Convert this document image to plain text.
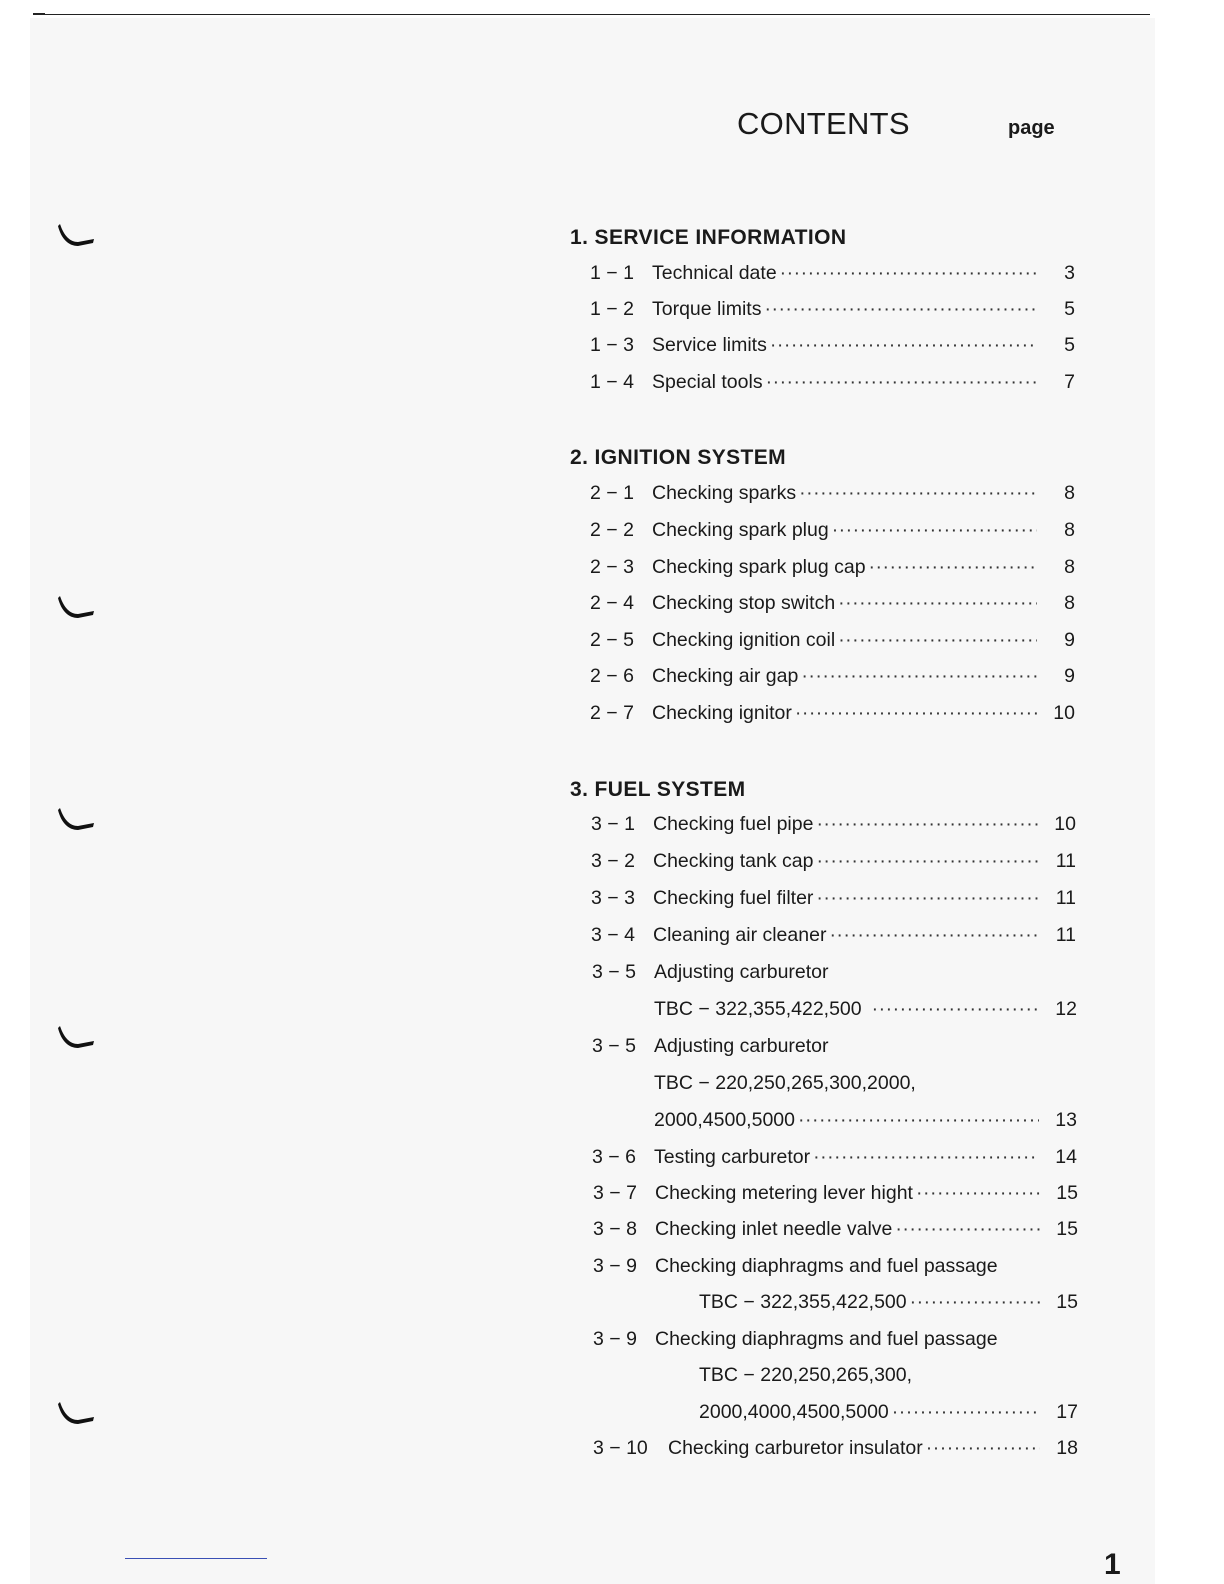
CONTENTS	page
1. SERVICE INFORMATION
1 − 1 Technical date ·····	3
1 − 2 Torque limits ·····	5
1 − 3 Service limits ·····	5
1 − 4 Special tools ·····	7
2. IGNITION SYSTEM
2 − 1 Checking sparks ·····	8
2 − 2 Checking spark plug ·····	8
2 − 3 Checking spark plug cap ·····	8
2 − 4 Checking stop switch ·····	8
2 − 5 Checking ignition coil ·····	9
2 − 6 Checking air gap ·····	9
2 − 7 Checking ignitor ·····	10
3. FUEL SYSTEM
3 − 1 Checking fuel pipe ·····	10
3 − 2 Checking tank cap ·····	11
3 − 3 Checking fuel filter ·····	11
3 − 4 Cleaning air cleaner ·····	11
3 − 5 Adjusting carburetor
TBC − 322,355,422,500 ·····	12
3 − 5 Adjusting carburetor
TBC − 220,250,265,300,2000,
2000,4500,5000 ·····	13
3 − 6 Testing carburetor ·····	14
3 − 7 Checking metering lever hight ·····	15
3 − 8 Checking inlet needle valve ·····	15
3 − 9 Checking diaphragms and fuel passage
TBC − 322,355,422,500 ·····	15
3 − 9 Checking diaphragms and fuel passage
TBC − 220,250,265,300,
2000,4000,4500,5000 ·····	17
3 − 10	Checking carburetor insulator ·····	18
1
